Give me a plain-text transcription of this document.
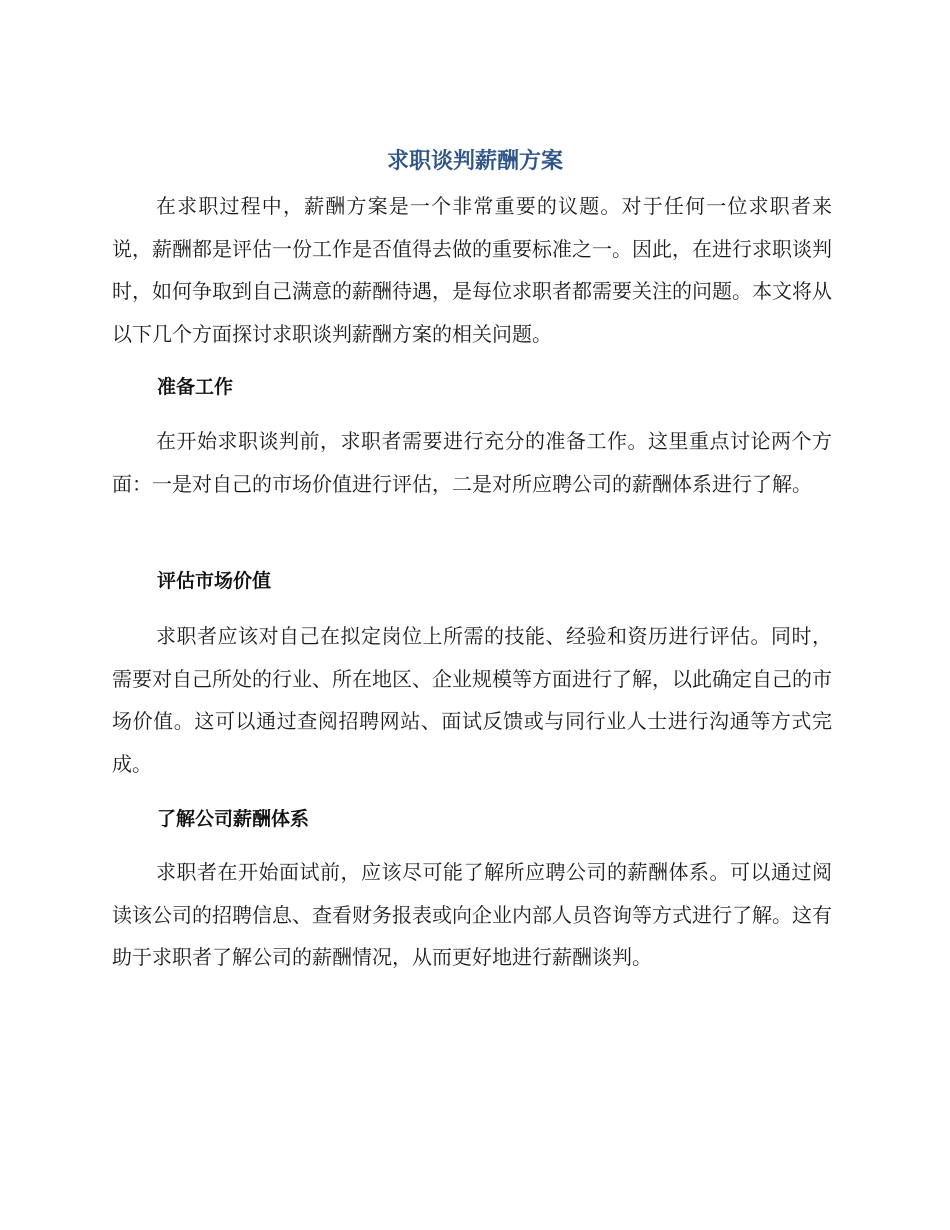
求职谈判薪酬方案

在求职过程中，薪酬方案是一个非常重要的议题。对于任何一位求职者来说，薪酬都是评估一份工作是否值得去做的重要标准之一。因此，在进行求职谈判时，如何争取到自己满意的薪酬待遇，是每位求职者都需要关注的问题。本文将从以下几个方面探讨求职谈判薪酬方案的相关问题。

准备工作

在开始求职谈判前，求职者需要进行充分的准备工作。这里重点讨论两个方面：一是对自己的市场价值进行评估，二是对所应聘公司的薪酬体系进行了解。

评估市场价值

求职者应该对自己在拟定岗位上所需的技能、经验和资历进行评估。同时，需要对自己所处的行业、所在地区、企业规模等方面进行了解，以此确定自己的市场价值。这可以通过查阅招聘网站、面试反馈或与同行业人士进行沟通等方式完成。

了解公司薪酬体系

求职者在开始面试前，应该尽可能了解所应聘公司的薪酬体系。可以通过阅读该公司的招聘信息、查看财务报表或向企业内部人员咨询等方式进行了解。这有助于求职者了解公司的薪酬情况，从而更好地进行薪酬谈判。
